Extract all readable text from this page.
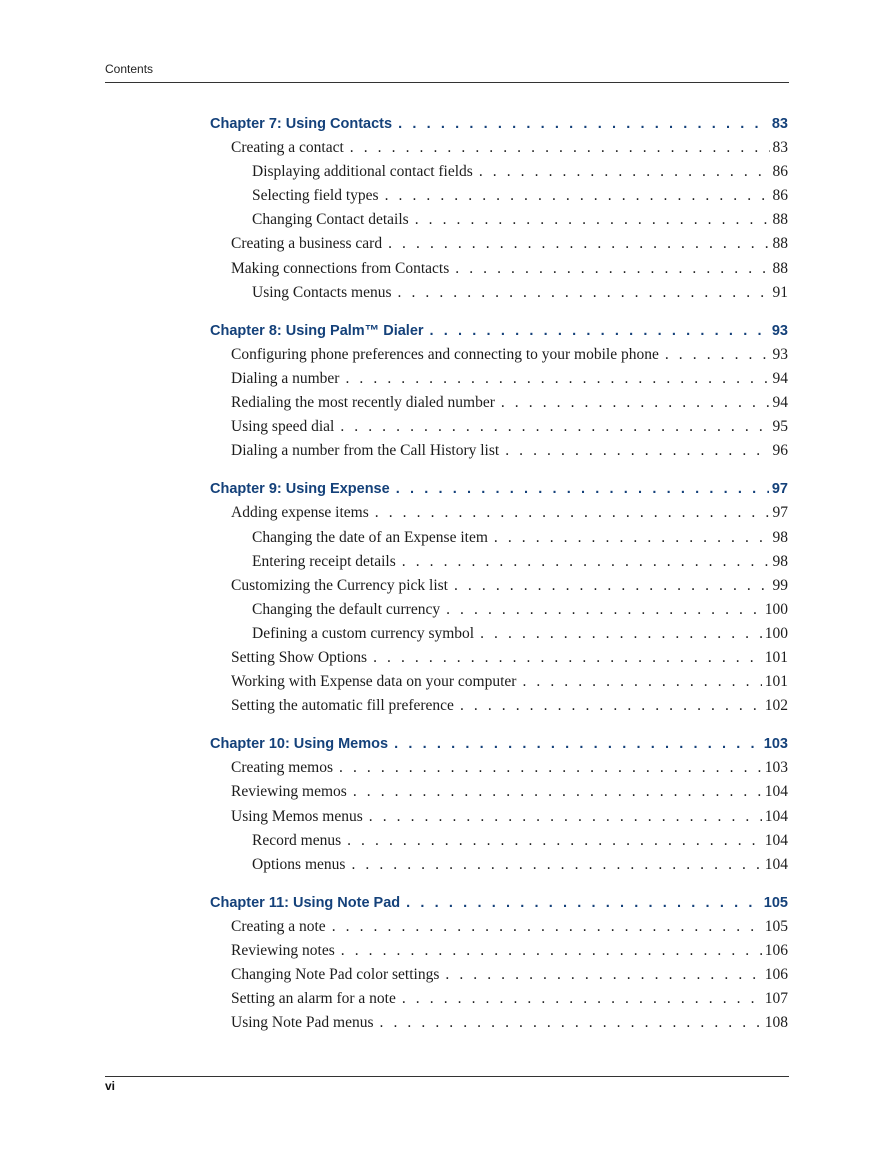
Contents
Chapter 7: Using Contacts . . .	83
Creating a contact . . .	83
Displaying additional contact fields . . .	86
Selecting field types . . .	86
Changing Contact details . . .	88
Creating a business card . . .	88
Making connections from Contacts . . .	88
Using Contacts menus . . .	91
Chapter 8: Using Palm™ Dialer . . .	93
Configuring phone preferences and connecting to your mobile phone . . .	93
Dialing a number . . .	94
Redialing the most recently dialed number . . .	94
Using speed dial . . .	95
Dialing a number from the Call History list . . .	96
Chapter 9: Using Expense . . .	97
Adding expense items . . .	97
Changing the date of an Expense item . . .	98
Entering receipt details . . .	98
Customizing the Currency pick list . . .	99
Changing the default currency . . .	100
Defining a custom currency symbol . . .	100
Setting Show Options . . .	101
Working with Expense data on your computer . . .	101
Setting the automatic fill preference . . .	102
Chapter 10: Using Memos . . .	103
Creating memos . . .	103
Reviewing memos . . .	104
Using Memos menus . . .	104
Record menus . . .	104
Options menus . . .	104
Chapter 11: Using Note Pad . . .	105
Creating a note . . .	105
Reviewing notes . . .	106
Changing Note Pad color settings . . .	106
Setting an alarm for a note . . .	107
Using Note Pad menus . . .	108
vi
